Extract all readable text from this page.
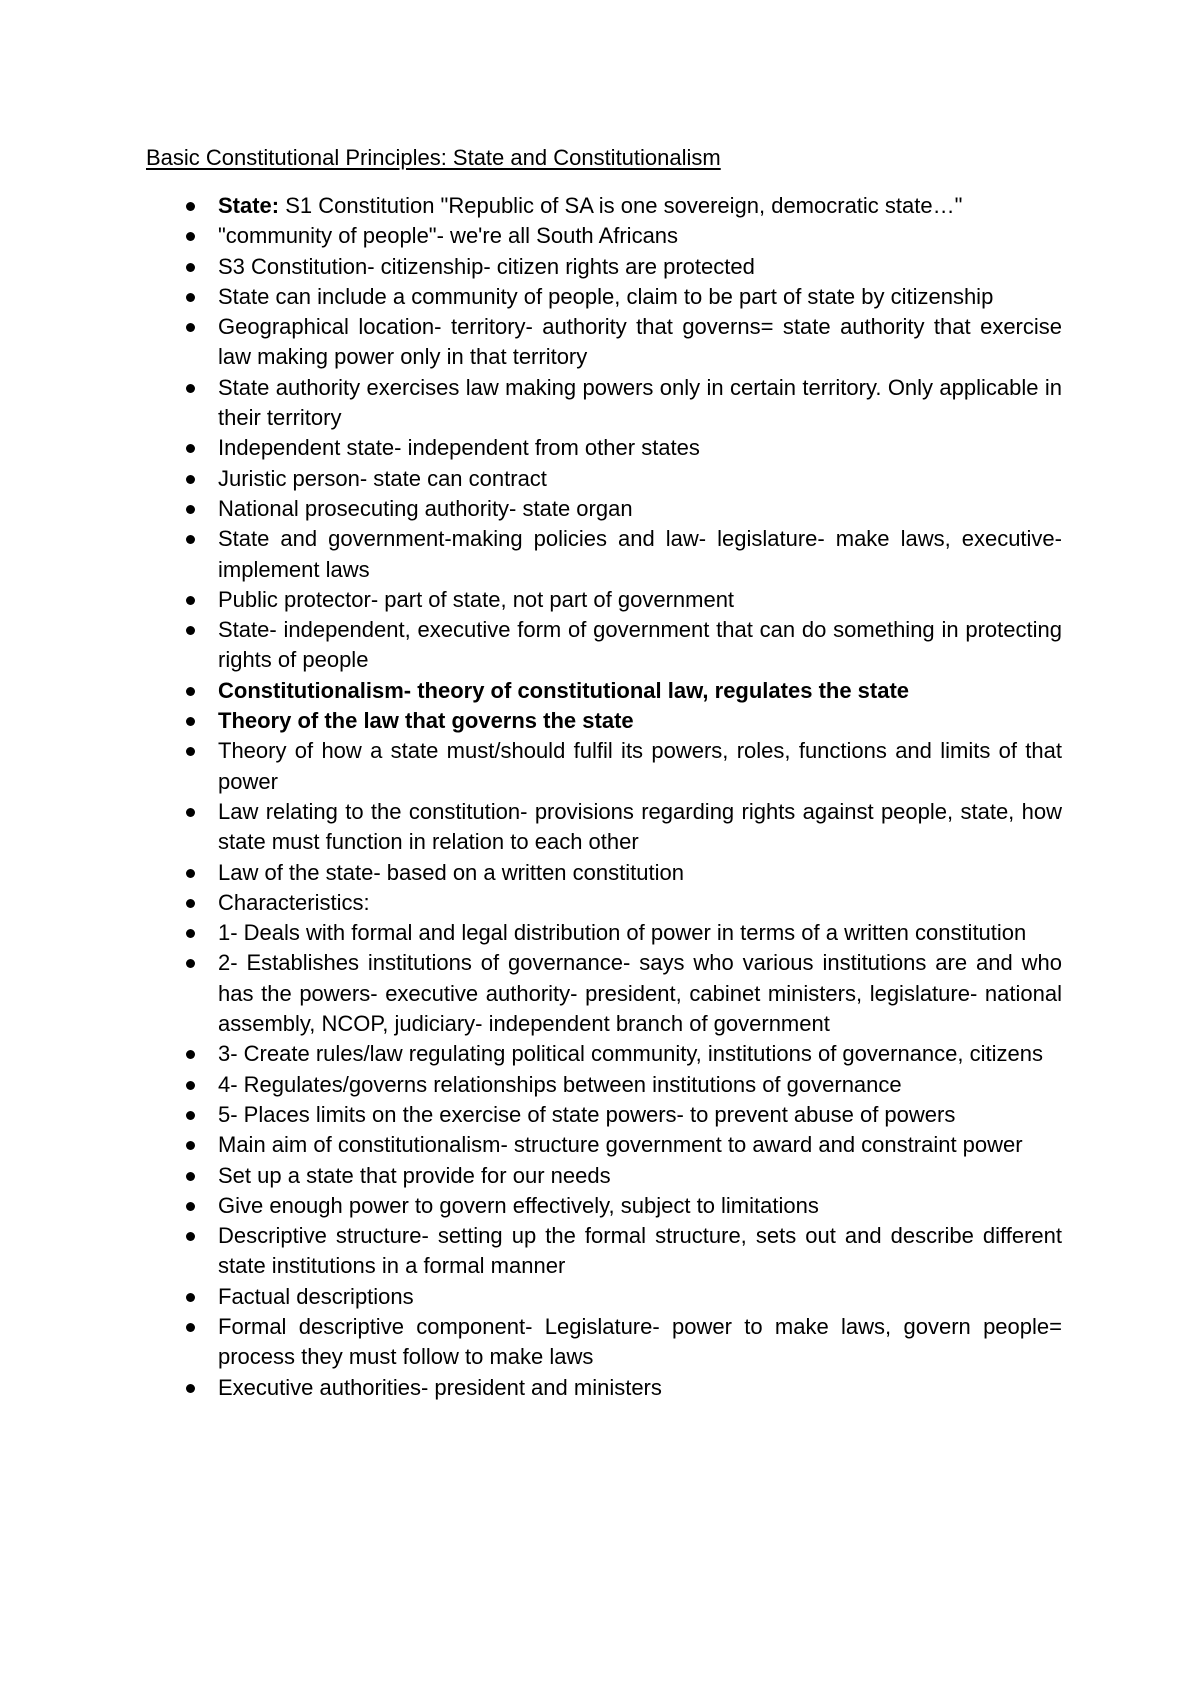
Basic Constitutional Principles: State and Constitutionalism
State: S1 Constitution "Republic of SA is one sovereign, democratic state…"
"community of people"- we're all South Africans
S3 Constitution- citizenship- citizen rights are protected
State can include a community of people, claim to be part of state by citizenship
Geographical location- territory- authority that governs= state authority that exercise law making power only in that territory
State authority exercises law making powers only in certain territory. Only applicable in their territory
Independent state- independent from other states
Juristic person- state can contract
National prosecuting authority- state organ
State and government-making policies and law- legislature- make laws, executive-implement laws
Public protector- part of state, not part of government
State- independent, executive form of government that can do something in protecting rights of people
Constitutionalism- theory of constitutional law, regulates the state
Theory of the law that governs the state
Theory of how a state must/should fulfil its powers, roles, functions and limits of that power
Law relating to the constitution- provisions regarding rights against people, state, how state must function in relation to each other
Law of the state- based on a written constitution
Characteristics:
1- Deals with formal and legal distribution of power in terms of a written constitution
2- Establishes institutions of governance- says who various institutions are and who has the powers- executive authority- president, cabinet ministers, legislature- national assembly, NCOP, judiciary- independent branch of government
3- Create rules/law regulating political community, institutions of governance, citizens
4- Regulates/governs relationships between institutions of governance
5- Places limits on the exercise of state powers- to prevent abuse of powers
Main aim of constitutionalism- structure government to award and constraint power
Set up a state that provide for our needs
Give enough power to govern effectively, subject to limitations
Descriptive structure- setting up the formal structure, sets out and describe different state institutions in a formal manner
Factual descriptions
Formal descriptive component- Legislature- power to make laws, govern people= process they must follow to make laws
Executive authorities- president and ministers
